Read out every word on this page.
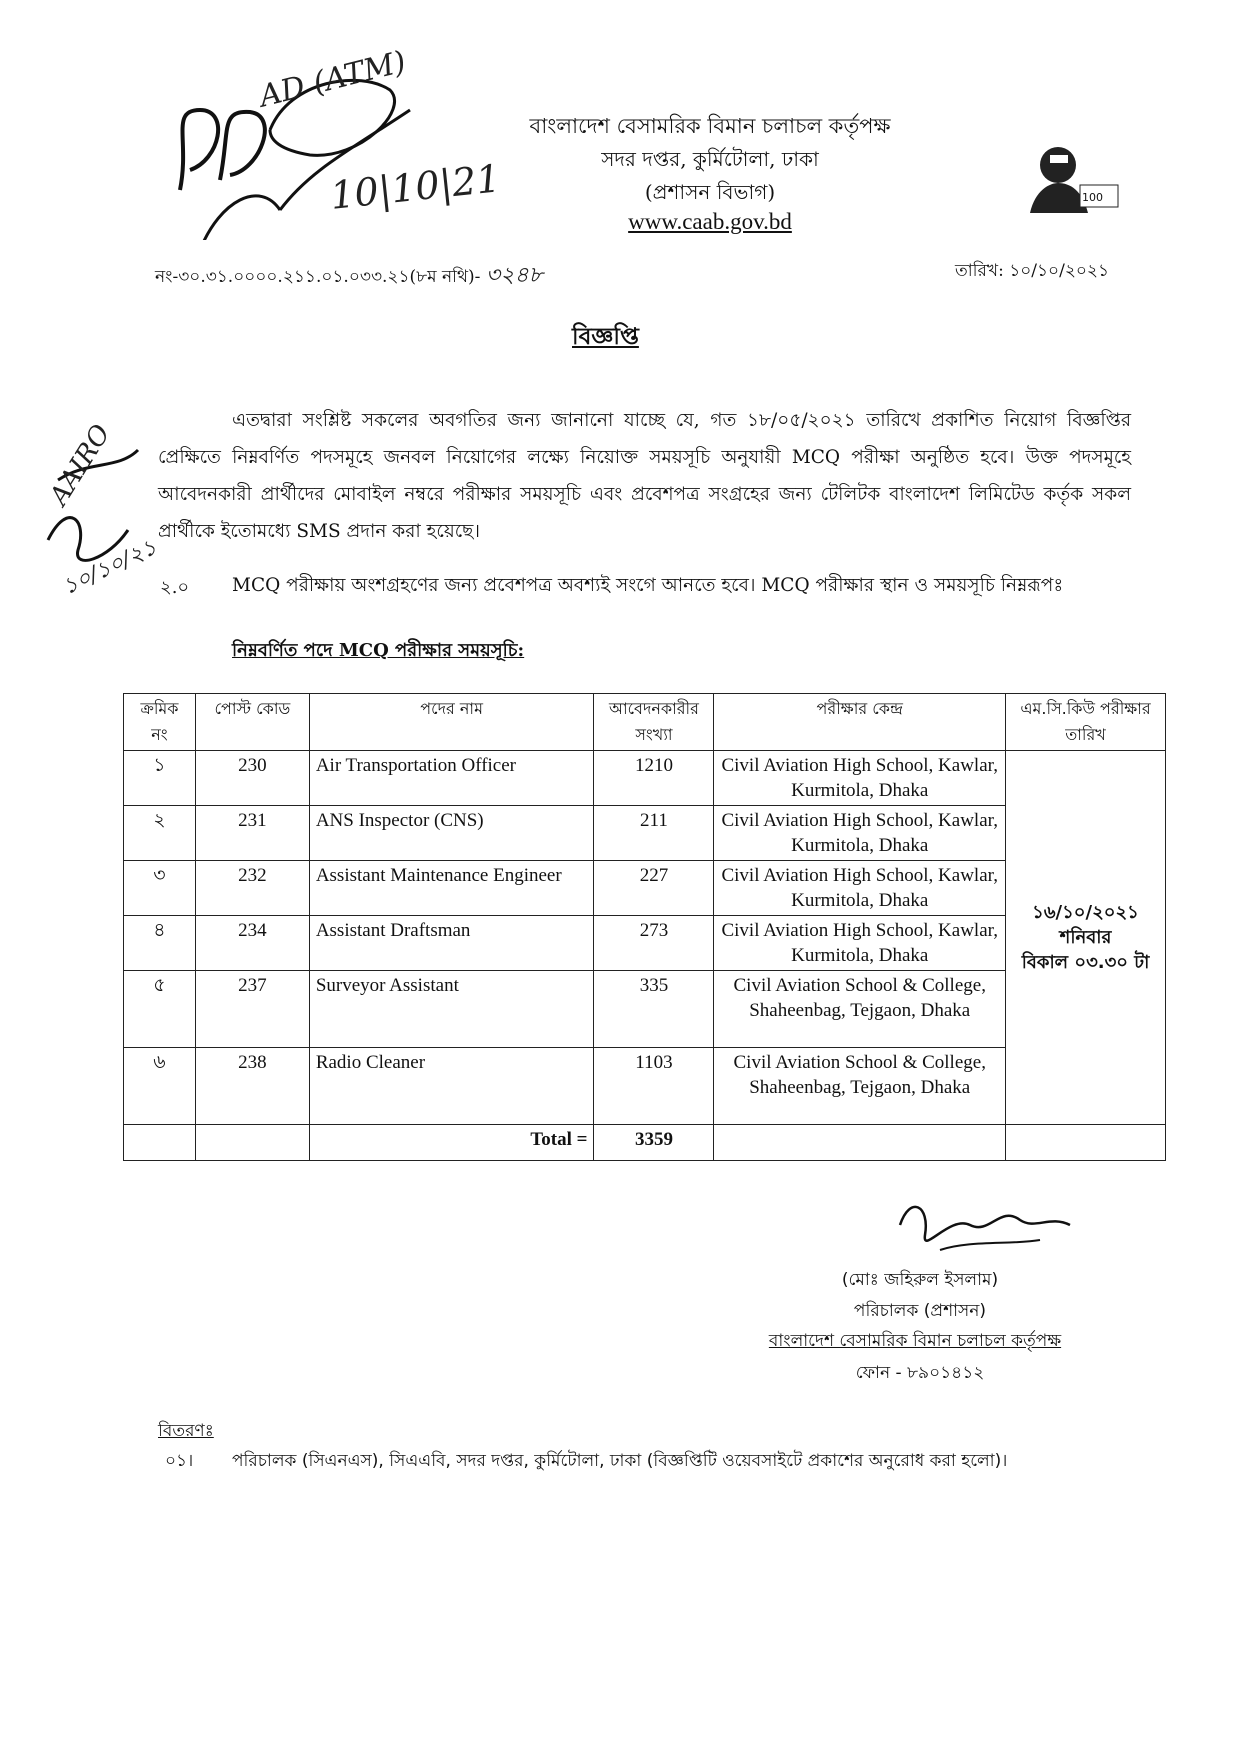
AD (ATM)
10|10|21
AAIRO
১০/১০/২১
বাংলাদেশ বেসামরিক বিমান চলাচল কর্তৃপক্ষ
সদর দপ্তর, কুর্মিটোলা, ঢাকা
(প্রশাসন বিভাগ)
www.caab.gov.bd
100
নং-৩০.৩১.০০০০.২১১.০১.০৩৩.২১(৮ম নথি)- ৩২৪৮	তারিখ: ১০/১০/২০২১
বিজ্ঞপ্তি
এতদ্বারা সংশ্লিষ্ট সকলের অবগতির জন্য জানানো যাচ্ছে যে, গত ১৮/০৫/২০২১ তারিখে প্রকাশিত নিয়োগ বিজ্ঞপ্তির প্রেক্ষিতে নিম্নবর্ণিত পদসমূহে জনবল নিয়োগের লক্ষ্যে নিয়োক্ত সময়সূচি অনুযায়ী MCQ পরীক্ষা অনুষ্ঠিত হবে। উক্ত পদসমূহে আবেদনকারী প্রার্থীদের মোবাইল নম্বরে পরীক্ষার সময়সূচি এবং প্রবেশপত্র সংগ্রহের জন্য টেলিটক বাংলাদেশ লিমিটেড কর্তৃক সকল প্রার্থীকে ইতোমধ্যে SMS প্রদান করা হয়েছে।
২.০ MCQ পরীক্ষায় অংশগ্রহণের জন্য প্রবেশপত্র অবশ্যই সংগে আনতে হবে। MCQ পরীক্ষার স্থান ও সময়সূচি নিম্নরূপঃ
নিম্নবর্ণিত পদে MCQ পরীক্ষার সময়সূচি:
ক্রমিক নং	পোস্ট কোড	পদের নাম	আবেদনকারীর সংখ্যা	পরীক্ষার কেন্দ্র	এম.সি.কিউ পরীক্ষার তারিখ
১	230	Air Transportation Officer	1210	Civil Aviation High School, Kawlar, Kurmitola, Dhaka	১৬/১০/২০২১
শনিবার
বিকাল ০৩.৩০ টা

২	231	ANS Inspector (CNS)	211	Civil Aviation High School, Kawlar, Kurmitola, Dhaka	
৩	232	Assistant Maintenance Engineer	227	Civil Aviation High School, Kawlar, Kurmitola, Dhaka	
৪	234	Assistant Draftsman	273	Civil Aviation High School, Kawlar, Kurmitola, Dhaka	
৫	237	Surveyor Assistant	335	Civil Aviation School & College, Shaheenbag, Tejgaon, Dhaka	
৬	238	Radio Cleaner	1103	Civil Aviation School & College, Shaheenbag, Tejgaon, Dhaka	
		Total =	3359		
(মোঃ জহিরুল ইসলাম)
পরিচালক (প্রশাসন)
বাংলাদেশ বেসামরিক বিমান চলাচল কর্তৃপক্ষ
ফোন - ৮৯০১৪১২
বিতরণঃ
০১। পরিচালক (সিএনএস), সিএএবি, সদর দপ্তর, কুর্মিটোলা, ঢাকা (বিজ্ঞপ্তিটি ওয়েবসাইটে প্রকাশের অনুরোধ করা হলো)।
